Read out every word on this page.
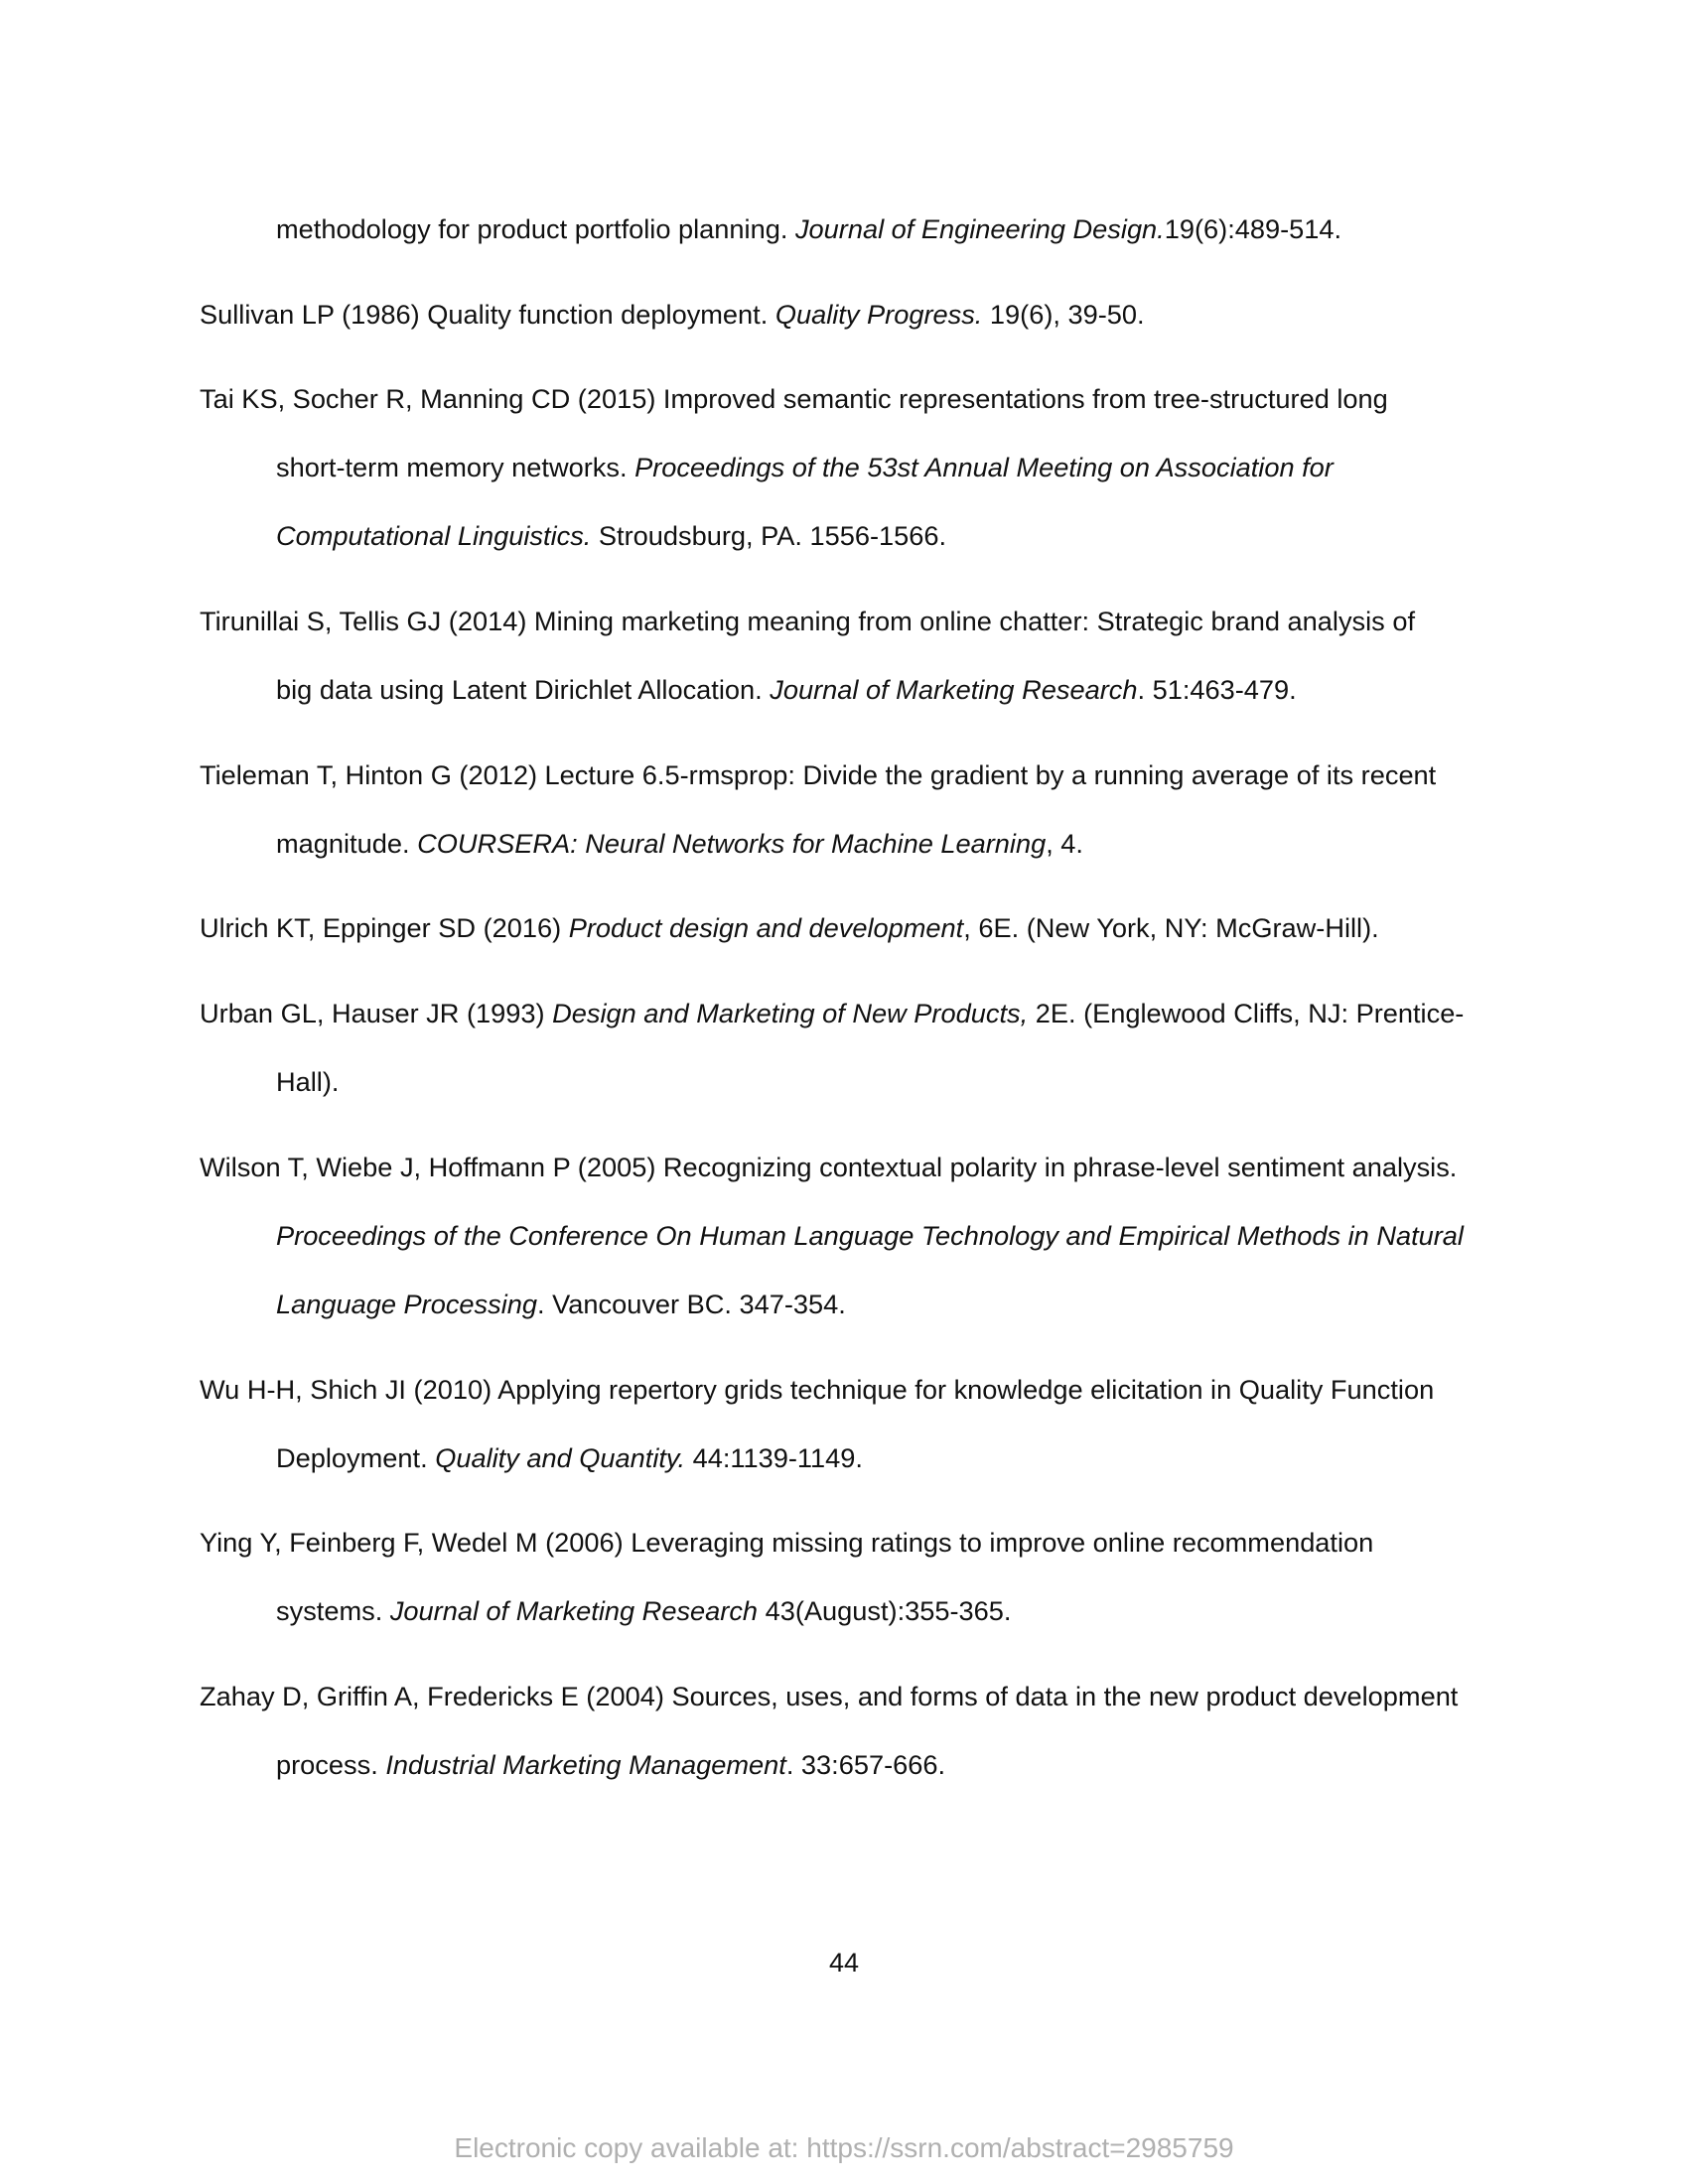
methodology for product portfolio planning. Journal of Engineering Design.19(6):489-514.
Sullivan LP (1986) Quality function deployment. Quality Progress. 19(6), 39-50.
Tai KS, Socher R, Manning CD (2015) Improved semantic representations from tree-structured long
short-term memory networks. Proceedings of the 53st Annual Meeting on Association for
Computational Linguistics. Stroudsburg, PA. 1556-1566.
Tirunillai S, Tellis GJ (2014) Mining marketing meaning from online chatter: Strategic brand analysis of
big data using Latent Dirichlet Allocation. Journal of Marketing Research. 51:463-479.
Tieleman T, Hinton G (2012) Lecture 6.5-rmsprop: Divide the gradient by a running average of its recent
magnitude. COURSERA: Neural Networks for Machine Learning, 4.
Ulrich KT, Eppinger SD (2016) Product design and development, 6E. (New York, NY: McGraw-Hill).
Urban GL, Hauser JR (1993) Design and Marketing of New Products, 2E. (Englewood Cliffs, NJ: Prentice-
Hall).
Wilson T, Wiebe J, Hoffmann P (2005) Recognizing contextual polarity in phrase-level sentiment analysis.
Proceedings of the Conference On Human Language Technology and Empirical Methods in Natural
Language Processing. Vancouver BC. 347-354.
Wu H-H, Shich JI (2010) Applying repertory grids technique for knowledge elicitation in Quality Function
Deployment. Quality and Quantity. 44:1139-1149.
Ying Y, Feinberg F, Wedel M (2006) Leveraging missing ratings to improve online recommendation
systems. Journal of Marketing Research 43(August):355-365.
Zahay D, Griffin A, Fredericks E (2004) Sources, uses, and forms of data in the new product development
process. Industrial Marketing Management. 33:657-666.
44
Electronic copy available at: https://ssrn.com/abstract=2985759
